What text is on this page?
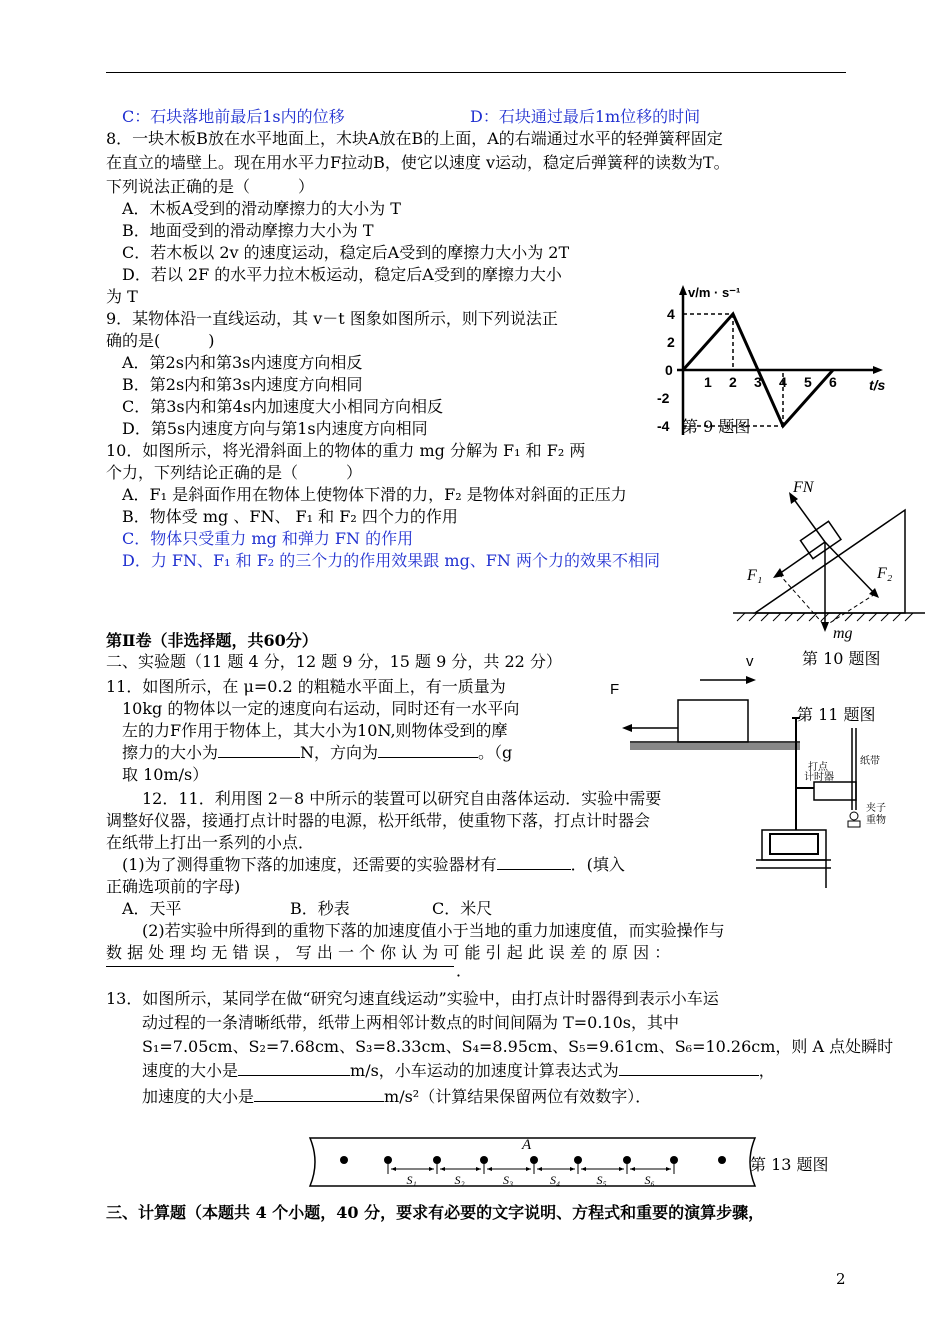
C：石块落地前最后1s内的位移	D：石块通过最后1m位移的时间
8．一块木板B放在水平地面上，木块A放在B的上面，A的右端通过水平的轻弹簧秤固定
在直立的墙壁上。现在用水平力F拉动B，使它以速度 v运动，稳定后弹簧秤的读数为T。
下列说法正确的是（　　　）
A．木板A受到的滑动摩擦力的大小为 T
B．地面受到的滑动摩擦力大小为 T
C．若木板以 2v 的速度运动，稳定后A受到的摩擦力大小为 2T
D．若以 2F 的水平力拉木板运动，稳定后A受到的摩擦力大小
为 T
9．某物体沿一直线运动，其 v－t 图象如图所示，则下列说法正
确的是(　　　)
A．第2s内和第3s内速度方向相反
B．第2s内和第3s内速度方向相同
C．第3s内和第4s内加速度大小相同方向相反
D．第5s内速度方向与第1s内速度方向相同
v/m · s⁻¹
t/s
1 2 3 4 5 6
4
2
0
-2
-4 第 9 题图
10．如图所示，将光滑斜面上的物体的重力 mg 分解为 F₁ 和 F₂ 两
个力，下列结论正确的是（　　　）
A．F₁ 是斜面作用在物体上使物体下滑的力，F₂ 是物体对斜面的正压力
B．物体受 mg 、FN、 F₁ 和 F₂ 四个力的作用
C．物体只受重力 mg 和弹力 FN 的作用
D．力 FN、F₁ 和 F₂ 的三个力的作用效果跟 mg、FN 两个力的效果不相同
FN
F₁	F₂
mg
第 10 题图
第Ⅱ卷（非选择题，共60分）
二、实验题（11 题 4 分，12 题 9 分，15 题 9 分，共 22 分）
11．如图所示，在 μ=0.2 的粗糙水平面上，有一质量为
10kg 的物体以一定的速度向右运动，同时还有一水平向
左的力F作用于物体上，其大小为10N,则物体受到的摩
擦力的大小为	N，方向为	。（g
取 10m/s）
v
F
打点
计时器
纸带
夹子
重物
第 11 题图
12．11．利用图 2－8 中所示的装置可以研究自由落体运动．实验中需要
调整好仪器，接通打点计时器的电源，松开纸带，使重物下落，打点计时器会
在纸带上打出一系列的小点．
(1)为了测得重物下落的加速度，还需要的实验器材有	．(填入
正确选项前的字母)
A．天平	B．秒表	C．米尺
(2)若实验中所得到的重物下落的加速度值小于当地的重力加速度值，而实验操作与
数 据 处 理 均 无 错 误 ， 写 出 一 个 你 认 为 可 能 引 起 此 误 差 的 原 因 ：
．
13．如图所示，某同学在做“研究匀速直线运动”实验中，由打点计时器得到表示小车运
动过程的一条清晰纸带，纸带上两相邻计数点的时间间隔为 T=0.10s，其中
S₁=7.05cm、S₂=7.68cm、S₃=8.33cm、S₄=8.95cm、S₅=9.61cm、S₆=10.26cm，则 A 点处瞬时
速度的大小是	m/s，小车运动的加速度计算表达式为	，
加速度的大小是	m/s²（计算结果保留两位有效数字）．
A
S₁	S₂	S₃	S₄	S₅	S₆
第 13 题图
三、计算题（本题共 4 个小题，40 分，要求有必要的文字说明、方程式和重要的演算步骤，
2
